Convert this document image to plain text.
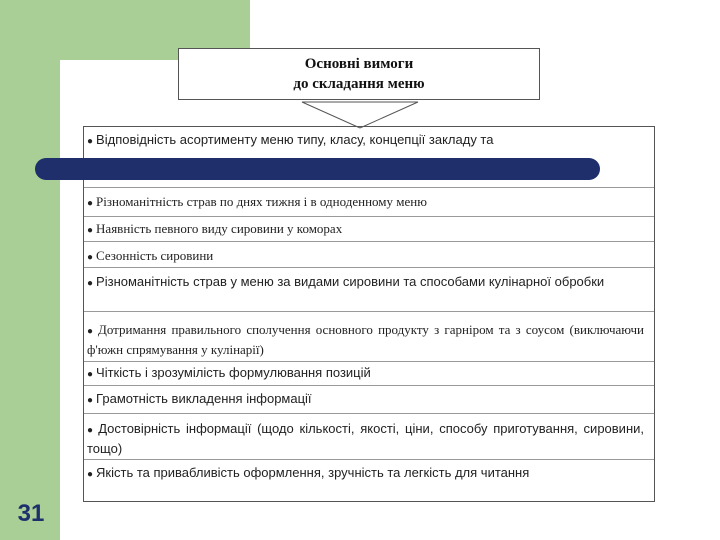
Основні вимоги
до складання меню
● Відповідність асортименту меню типу, класу, концепції закладу та
● Різноманітність страв по днях тижня і в одноденному меню
● Наявність певного виду сировини у коморах
● Сезонність сировини
● Різноманітність страв у меню за видами сировини та способами кулінарної обробки
● Дотримання правильного сполучення основного продукту з гарніром та з соусом (виключаючи ф'южн спрямування у кулінарії)
● Чіткість і зрозумілість формулювання позицій
● Грамотність викладення інформації
● Достовірність інформації (щодо кількості, якості, ціни, способу приготування, сировини, тощо)
● Якість та привабливість оформлення, зручність та легкість для читання
31
